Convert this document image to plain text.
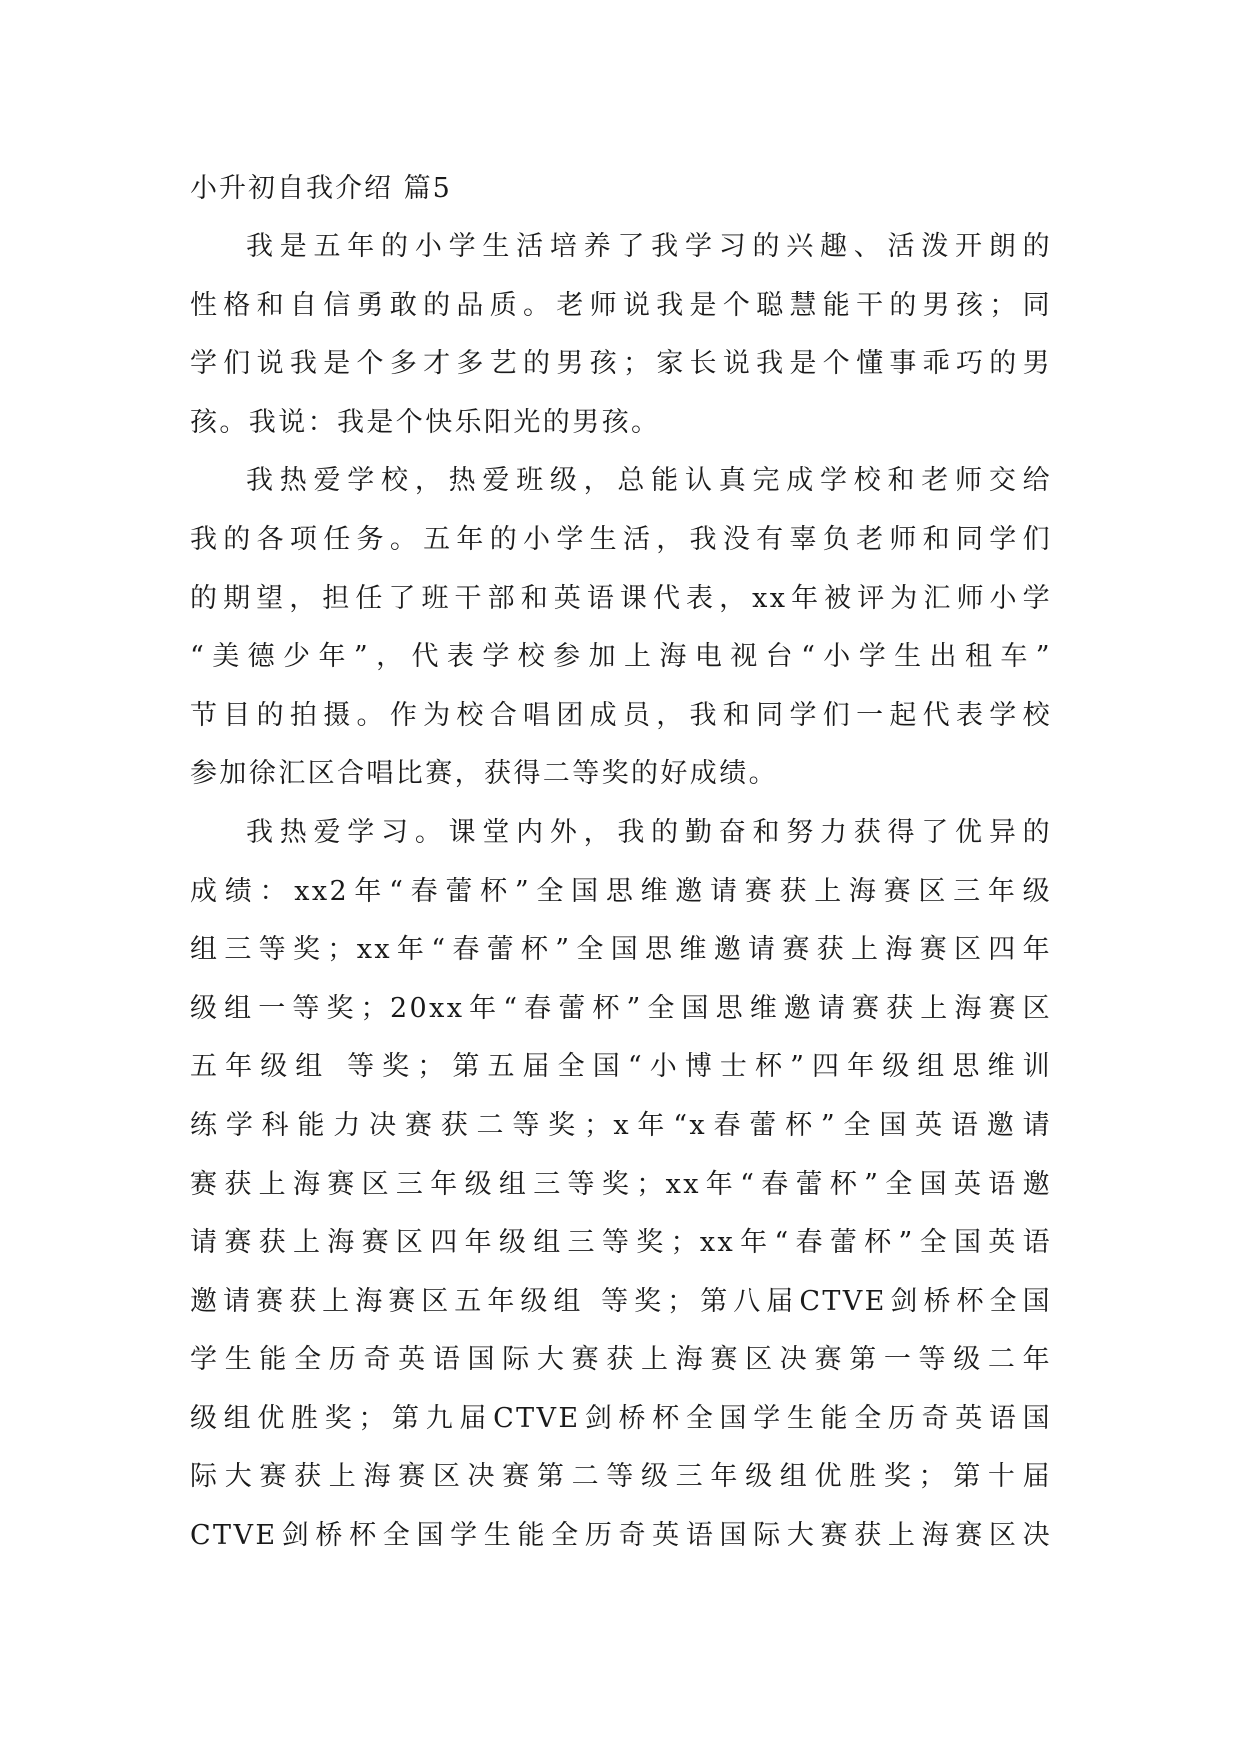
小升初自我介绍 篇5

我是五年的小学生活培养了我学习的兴趣、活泼开朗的
性格和自信勇敢的品质。老师说我是个聪慧能干的男孩；同
学们说我是个多才多艺的男孩；家长说我是个懂事乖巧的男
孩。我说：我是个快乐阳光的男孩。

我热爱学校，热爱班级，总能认真完成学校和老师交给
我的各项任务。五年的小学生活，我没有辜负老师和同学们
的期望，担任了班干部和英语课代表，xx年被评为汇师小学
“美德少年”，代表学校参加上海电视台“小学生出租车”
节目的拍摄。作为校合唱团成员，我和同学们一起代表学校
参加徐汇区合唱比赛，获得二等奖的好成绩。

我热爱学习。课堂内外，我的勤奋和努力获得了优异的
成绩：xx2年“春蕾杯”全国思维邀请赛获上海赛区三年级
组三等奖；xx年“春蕾杯”全国思维邀请赛获上海赛区四年
级组一等奖；20xx年“春蕾杯”全国思维邀请赛获上海赛区
五年级组 等奖；第五届全国“小博士杯”四年级组思维训
练学科能力决赛获二等奖；x年“x春蕾杯”全国英语邀请
赛获上海赛区三年级组三等奖；xx年“春蕾杯”全国英语邀
请赛获上海赛区四年级组三等奖；xx年“春蕾杯”全国英语
邀请赛获上海赛区五年级组 等奖；第八届CTVE剑桥杯全国
学生能全历奇英语国际大赛获上海赛区决赛第一等级二年
级组优胜奖；第九届CTVE剑桥杯全国学生能全历奇英语国
际大赛获上海赛区决赛第二等级三年级组优胜奖；第十届
CTVE剑桥杯全国学生能全历奇英语国际大赛获上海赛区决
